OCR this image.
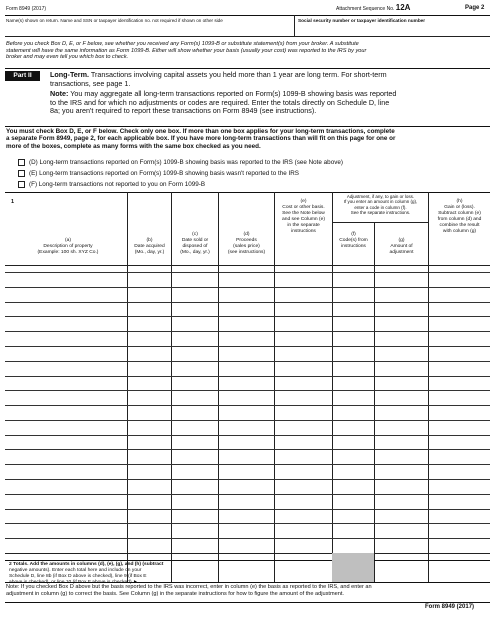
Form 8949 (2017)	Attachment Sequence No. 12A	Page 2
Name(s) shown on return. Name and SSN or taxpayer identification no. not required if shown on other side	Social security number or taxpayer identification number
Before you check Box D, E, or F below, see whether you received any Form(s) 1099-B or substitute statement(s) from your broker. A substitute
statement will have the same information as Form 1099-B. Either will show whether your basis (usually your cost) was reported to the IRS by your
broker and may even tell you which box to check.
Part II	Long-Term. Transactions involving capital assets you held more than 1 year are long term. For short-term
transactions, see page 1.
Note: You may aggregate all long-term transactions reported on Form(s) 1099-B showing basis was reported
to the IRS and for which no adjustments or codes are required. Enter the totals directly on Schedule D, line
8a; you aren't required to report these transactions on Form 8949 (see instructions).
You must check Box D, E, or F below. Check only one box. If more than one box applies for your long-term transactions, complete
a separate Form 8949, page 2, for each applicable box. If you have more long-term transactions than will fit on this page for one or
more of the boxes, complete as many forms with the same box checked as you need.
(D) Long-term transactions reported on Form(s) 1099-B showing basis was reported to the IRS (see Note above)
(E) Long-term transactions reported on Form(s) 1099-B showing basis wasn't reported to the IRS
(F) Long-term transactions not reported to you on Form 1099-B
1
(a)
Description of property
(Example: 100 sh. XYZ Co.)
(b)
Date acquired
(Mo., day, yr.)
(c)
Date sold or
disposed of
(Mo., day, yr.)
(d)
Proceeds
(sales price)
(see instructions)
(e)
Cost or other basis.
See the Note below
and see Column (e)
in the separate
instructions
Adjustment, if any, to gain or loss.
If you enter an amount in column (g),
enter a code in column (f).
See the separate instructions.
(f)
Code(s) from
instructions
(g)
Amount of
adjustment
(h)
Gain or (loss).
Subtract column (e)
from column (d) and
combine the result
with column (g)
2 Totals. Add the amounts in columns (d), (e), (g), and (h) (subtract
negative amounts). Enter each total here and include on your
Schedule D, line 8b (if Box D above is checked), line 9 (if Box E
above is checked), or line 10 (if Box F above is checked) ►
Note: If you checked Box D above but the basis reported to the IRS was incorrect, enter in column (e) the basis as reported to the IRS, and enter an
adjustment in column (g) to correct the basis. See Column (g) in the separate instructions for how to figure the amount of the adjustment.
Form 8949 (2017)
